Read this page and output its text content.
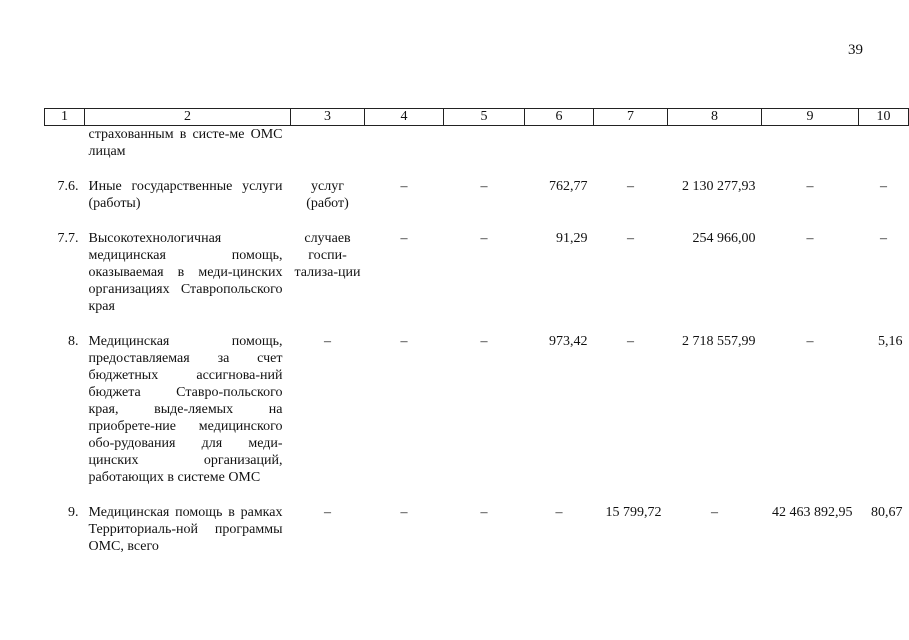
39
1	2	3	4	5	6	7	8	9	10
	страхованным в систе-ме ОМС лицам								
7.6.	Иные государственные услуги (работы)	услуг (работ)	–	–	762,77	–	2 130 277,93	–	–
7.7.	Высокотехнологичная медицинская помощь, оказываемая в меди-цинских организациях Ставропольского края	случаев госпи-тализа-ции	–	–	91,29	–	254 966,00	–	–
8.	Медицинская помощь, предоставляемая за счет бюджетных ассигнова-ний бюджета Ставро-польского края, выде-ляемых на приобрете-ние медицинского обо-рудования для меди-цинских организаций, работающих в системе ОМС	–	–	–	973,42	–	2 718 557,99	–	5,16
9.	Медицинская помощь в рамках Территориаль-ной программы ОМС, всего	–	–	–	–	15 799,72	–	42 463 892,95	80,67
